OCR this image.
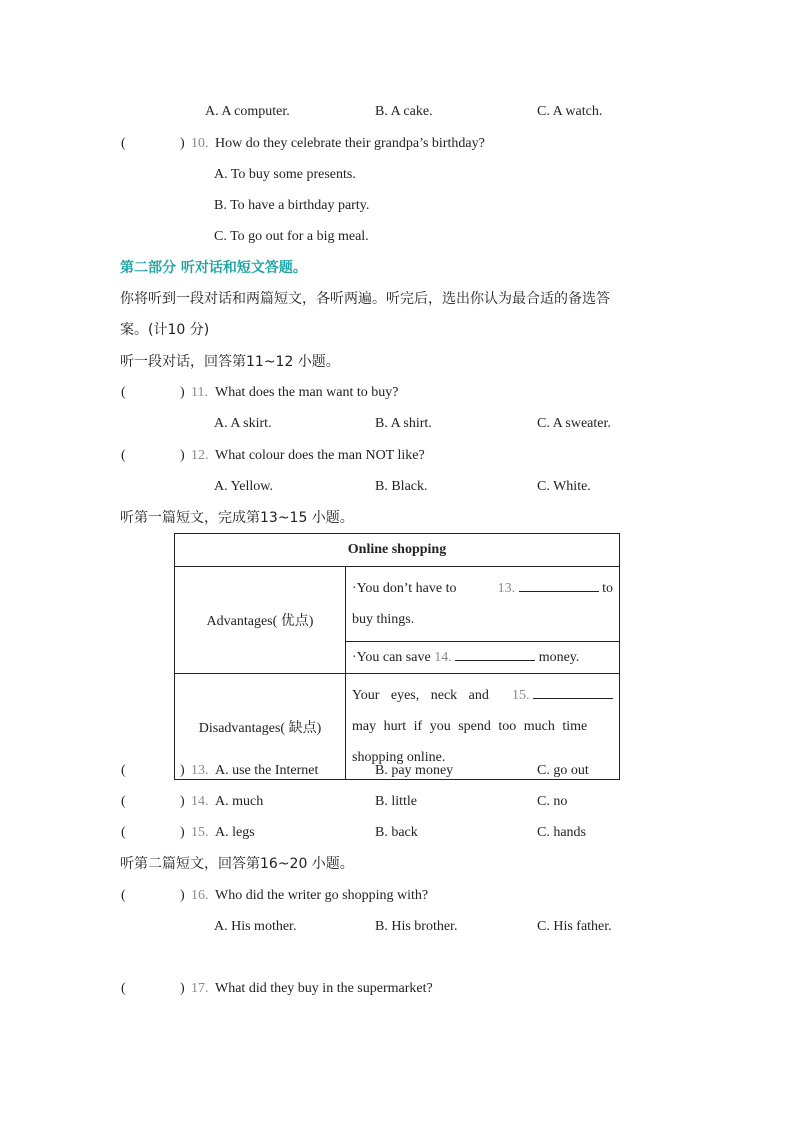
A. A computer.	B. A cake.	C. A watch.
(	) 10. How do they celebrate their grandpa’s birthday?
A. To buy some presents.
B. To have a birthday party.
C. To go out for a big meal.
第二部分 听对话和短文答题。
你将听到一段对话和两篇短文，各听两遍。听完后，选出你认为最合适的备选答
案。(计10 分)
听一段对话，回答第11~12 小题。
(	) 11. What does the man want to buy?
A. A skirt.	B. A shirt.	C. A sweater.
(	) 12. What colour does the man NOT like?
A. Yellow.	B. Black.	C. White.
听第一篇短文，完成第13~15 小题。
Online shopping	
Advantages( 优点)	·You don’t have to 13. to
buy things.

	·You can save 14. money.

Disadvantages( 缺点)	Your eyes, neck and 15.
may hurt if you spend too much time
shopping online.
(	) 13. A. use the Internet	B. pay money	C. go out
(	) 14. A. much	B. little	C. no
(	) 15. A. legs	B. back	C. hands
听第二篇短文，回答第16~20 小题。
(	) 16. Who did the writer go shopping with?
A. His mother.	B. His brother.	C. His father.
(	) 17. What did they buy in the supermarket?
